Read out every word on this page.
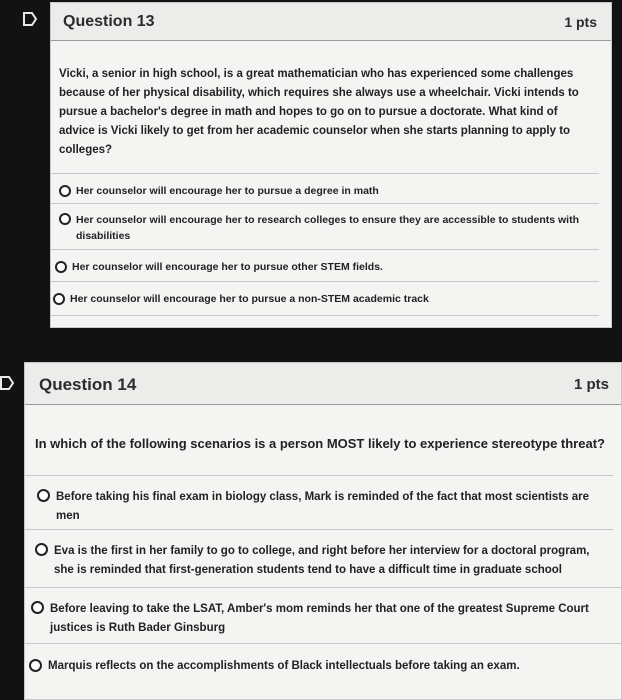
Question 13	1 pts
Vicki, a senior in high school, is a great mathematician who has experienced some challenges because of her physical disability, which requires she always use a wheelchair. Vicki intends to pursue a bachelor's degree in math and hopes to go on to pursue a doctorate. What kind of advice is Vicki likely to get from her academic counselor when she starts planning to apply to colleges?
Her counselor will encourage her to pursue a degree in math
Her counselor will encourage her to research colleges to ensure they are accessible to students with disabilities
Her counselor will encourage her to pursue other STEM fields.
Her counselor will encourage her to pursue a non-STEM academic track
Question 14	1 pts
In which of the following scenarios is a person MOST likely to experience stereotype threat?
Before taking his final exam in biology class, Mark is reminded of the fact that most scientists are men
Eva is the first in her family to go to college, and right before her interview for a doctoral program, she is reminded that first-generation students tend to have a difficult time in graduate school
Before leaving to take the LSAT, Amber's mom reminds her that one of the greatest Supreme Court justices is Ruth Bader Ginsburg
Marquis reflects on the accomplishments of Black intellectuals before taking an exam.
